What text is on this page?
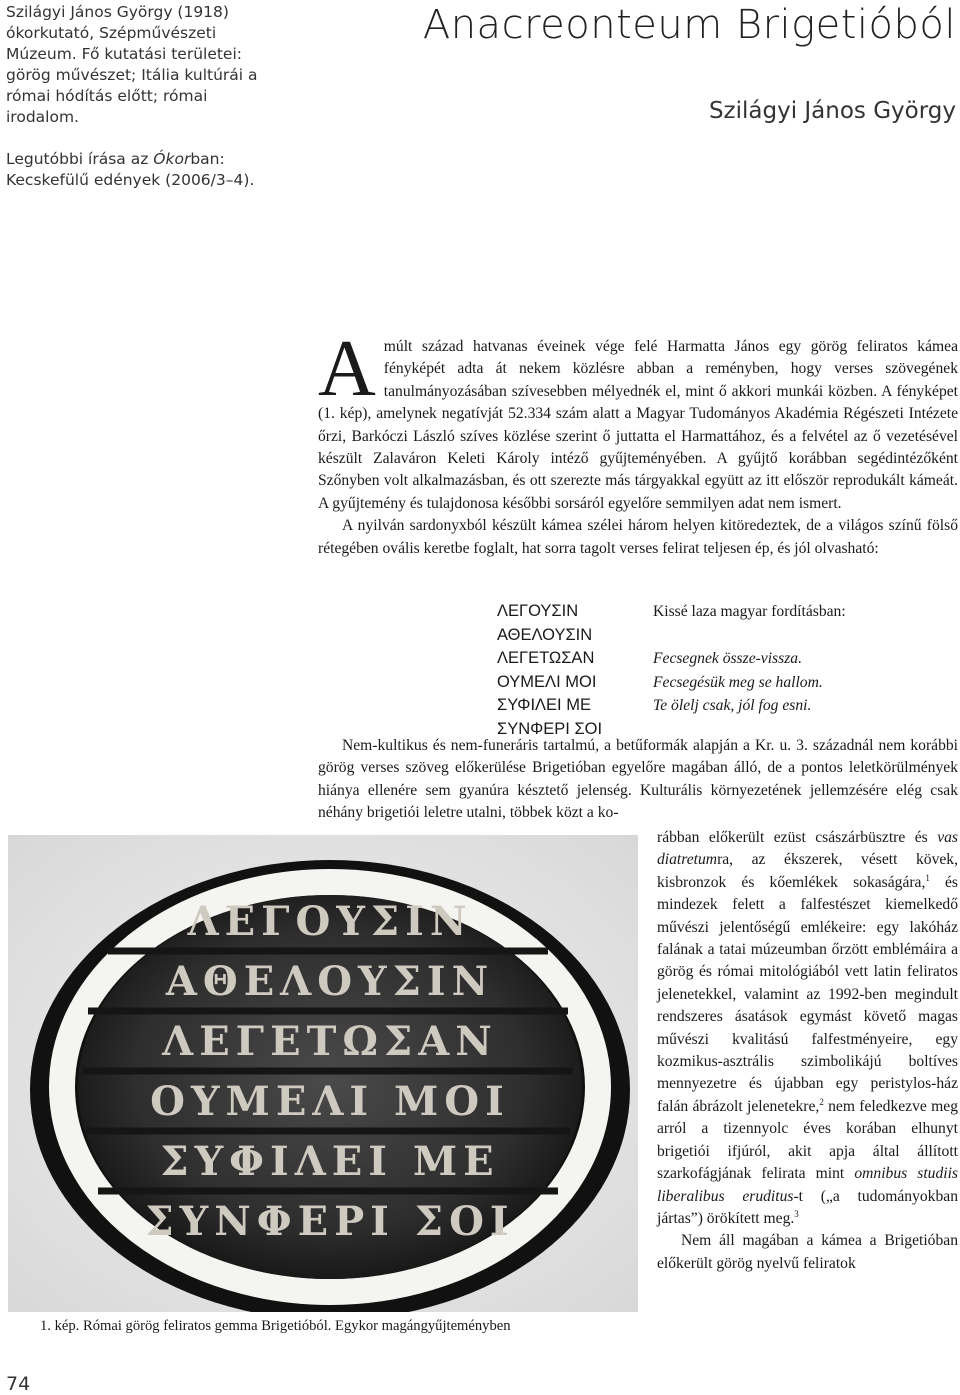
Szilágyi János György (1918) ókorkutató, Szépművészeti Múzeum. Fő kutatási területei: görög művészet; Itália kultúrái a római hódítás előtt; római irodalom.

Legutóbbi írása az Ókorban: Kecskefülű edények (2006/3–4).

Anacreonteum Brigetióból
Szilágyi János György

Amúlt század hatvanas éveinek vége felé Harmatta János egy görög feliratos kámea fényképét adta át nekem közlésre abban a reményben, hogy verses szövegének tanulmányozásában szívesebben mélyednék el, mint ő akkori munkái közben. A fényképet (1. kép), amelynek negatívját 52.334 szám alatt a Magyar Tudományos Akadémia Régészeti Intézete őrzi, Barkóczi László szíves közlése szerint ő juttatta el Harmattához, és a felvétel az ő vezetésével készült Zalaváron Keleti Károly intéző gyűjteményében. A gyűjtő korábban segédintézőként Szőnyben volt alkalmazásban, és ott szerezte más tárgyakkal együtt az itt először reprodukált kámeát. A gyűjtemény és tulajdonosa későbbi sorsáról egyelőre semmilyen adat nem ismert.

A nyilván sardonyxból készült kámea szélei három helyen kitöredeztek, de a világos színű fölső rétegében ovális keretbe foglalt, hat sorra tagolt verses felirat teljesen ép, és jól olvasható:

ΛΕΓΟΥΣΙΝ
ΑΘΕΛΟΥΣΙΝ
ΛΕΓΕΤΩΣΑΝ
ΟΥΜΕΛΙ ΜΟΙ
ΣΥΦΙΛΕΙ ΜΕ
ΣΥΝΦΕΡΙ ΣΟΙ
Kissé laza magyar fordításban:
Fecsegnek össze-vissza.
Fecsegésük meg se hallom.
Te ölelj csak, jól fog esni.

Nem-kultikus és nem-funeráris tartalmú, a betűformák alapján a Kr. u. 3. századnál nem korábbi görög verses szöveg előkerülése Brigetióban egyelőre magában álló, de a pontos leletkörülmények hiánya ellenére sem gyanúra késztető jelenség. Kulturális környezetének jellemzésére elég csak néhány brigetiói leletre utalni, többek közt a ko-

rábban előkerült ezüst császárbüsztre és vas diatretumra, az ékszerek, vésett kövek, kisbronzok és kőemlékek sokaságára,$^1$ és mindezek felett a falfestészet kiemelkedő művészi jelentőségű emlékeire: egy lakóház falának a tatai múzeumban őrzött emblémáira a görög és római mitológiából vett latin feliratos jelenetekkel, valamint az 1992-ben megindult rendszeres ásatások egymást követő magas művészi kvalitású falfestményeire, egy kozmikus-asztrális szimbolikájú boltíves mennyezetre és újabban egy peristylos-ház falán ábrázolt jelenetekre,$^2$ nem feledkezve meg arról a tizennyolc éves korában elhunyt brigetiói ifjúról, akit apja által állított szarkofágjának felirata mint omnibus studiis liberalibus eruditus-t („a tudományokban jártas”) örökített meg.$^3$

Nem áll magában a kámea a Brigetióban előkerült görög nyelvű feliratok

ΛΕΓΟΥΣΙΝ
ΑΘΕΛΟΥΣΙΝ
ΛΕΓΕΤΩΣΑΝ
ΟΥΜΕΛΙ ΜΟΙ
ΣΥΦΙΛΕΙ ΜΕ
ΣΥΝΦΕΡΙ ΣΟΙ
1. kép. Római görög feliratos gemma Brigetióból. Egykor magángyűjteményben
74
